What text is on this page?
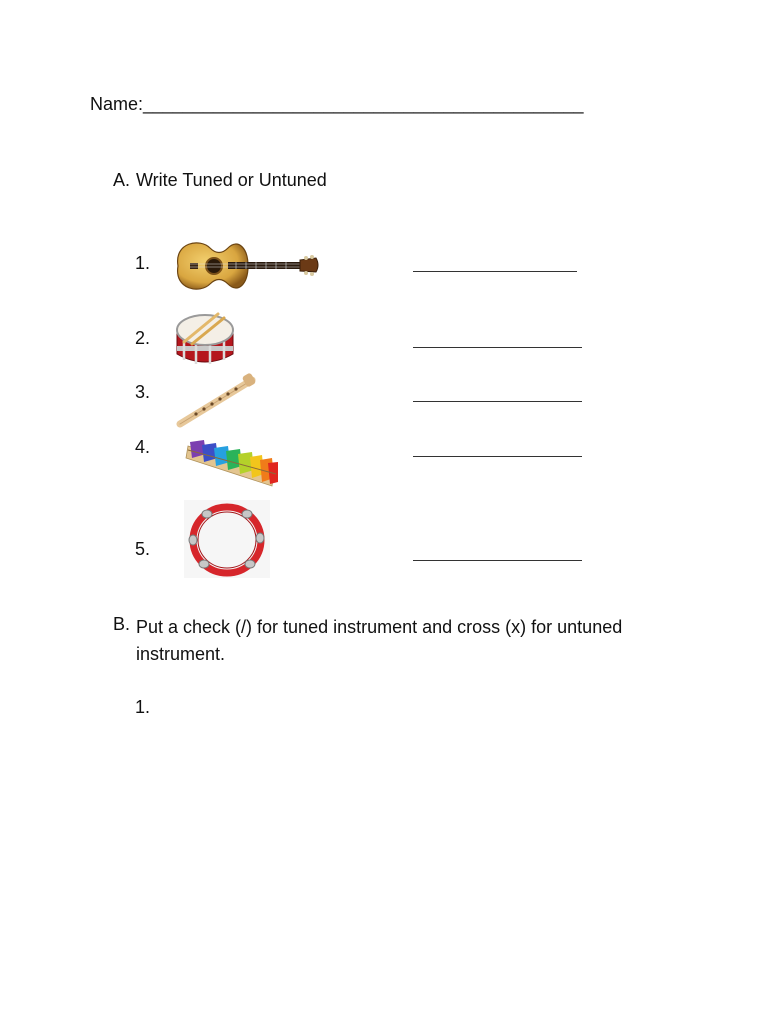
Name:____________________________________________
A. Write Tuned or Untuned
1.
2.
3.
4.
5.
B. Put a check (/) for tuned instrument and cross (x) for untuned instrument.
1.
